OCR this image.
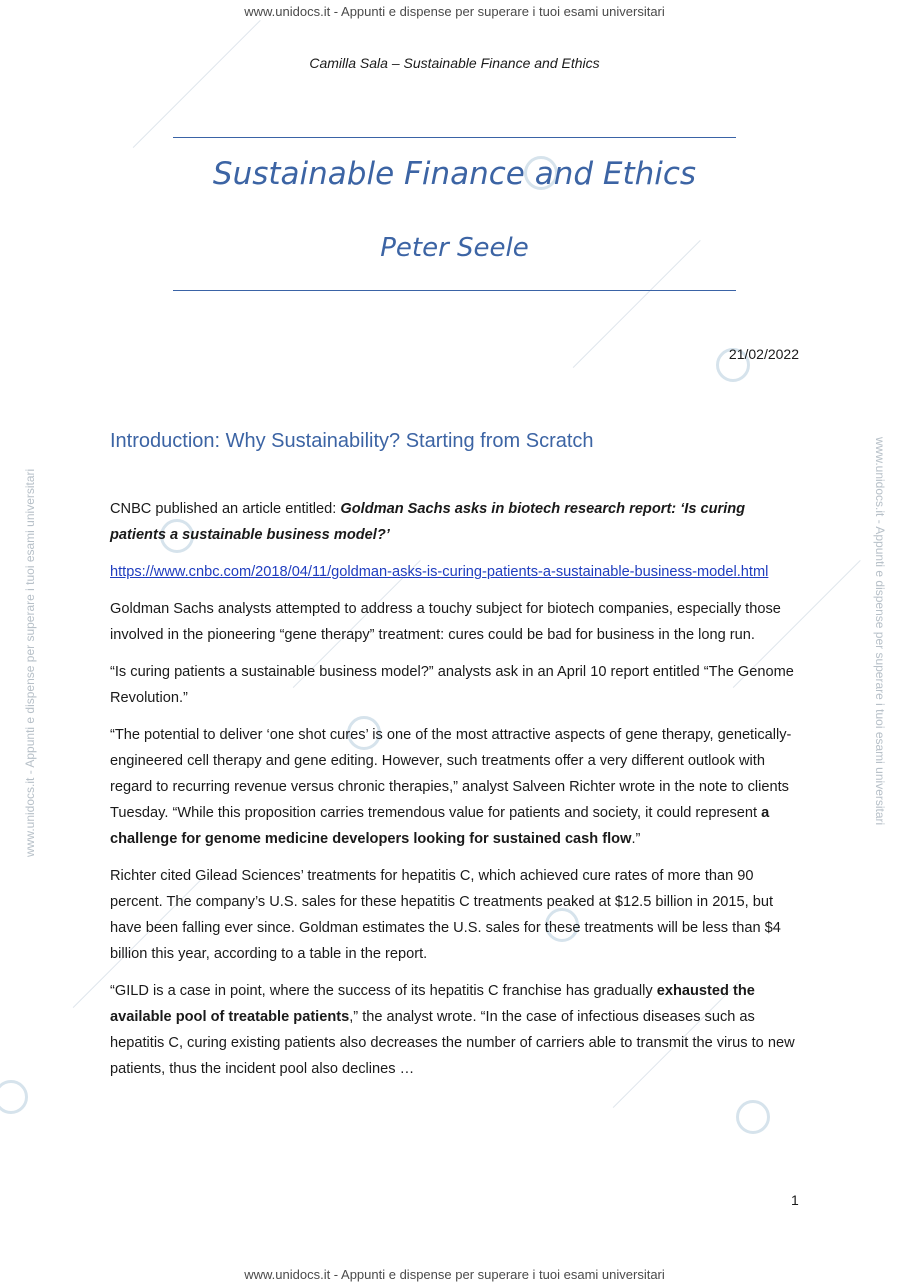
www.unidocs.it - Appunti e dispense per superare i tuoi esami universitari
www.unidocs.it - Appunti e dispense per superare i tuoi esami universitari
www.unidocs.it - Appunti e dispense per superare i tuoi esami universitari	www.unidocs.it - Appunti e dispense per superare i tuoi esami universitari
Camilla Sala – Sustainable Finance and Ethics
Sustainable Finance and Ethics
Peter Seele
21/02/2022
Introduction: Why Sustainability? Starting from Scratch

CNBC published an article entitled: Goldman Sachs asks in biotech research report: ‘Is curing patients a sustainable business model?’

https://www.cnbc.com/2018/04/11/goldman-asks-is-curing-patients-a-sustainable-business-model.html

Goldman Sachs analysts attempted to address a touchy subject for biotech companies, especially those involved in the pioneering “gene therapy” treatment: cures could be bad for business in the long run.

“Is curing patients a sustainable business model?” analysts ask in an April 10 report entitled “The Genome Revolution.”

“The potential to deliver ‘one shot cures’ is one of the most attractive aspects of gene therapy, genetically-engineered cell therapy and gene editing. However, such treatments offer a very different outlook with regard to recurring revenue versus chronic therapies,” analyst Salveen Richter wrote in the note to clients Tuesday. “While this proposition carries tremendous value for patients and society, it could represent a challenge for genome medicine developers looking for sustained cash flow.”

Richter cited Gilead Sciences’ treatments for hepatitis C, which achieved cure rates of more than 90 percent. The company’s U.S. sales for these hepatitis C treatments peaked at $12.5 billion in 2015, but have been falling ever since. Goldman estimates the U.S. sales for these treatments will be less than $4 billion this year, according to a table in the report.

“GILD is a case in point, where the success of its hepatitis C franchise has gradually exhausted the available pool of treatable patients,” the analyst wrote. “In the case of infectious diseases such as hepatitis C, curing existing patients also decreases the number of carriers able to transmit the virus to new patients, thus the incident pool also declines …

1
